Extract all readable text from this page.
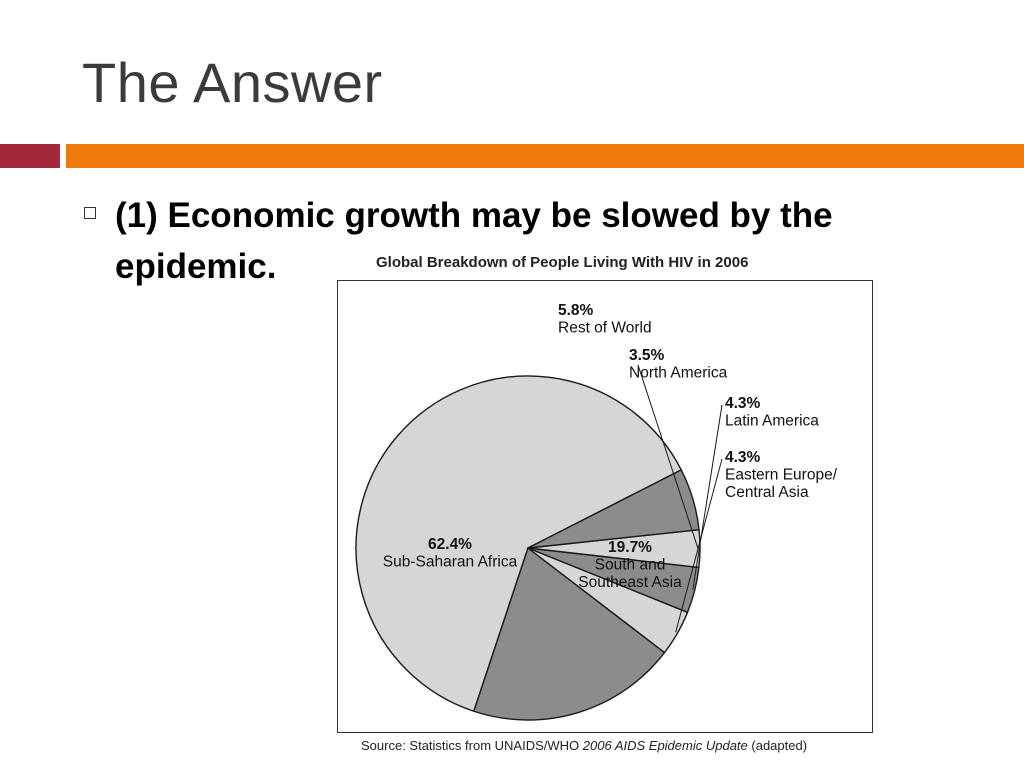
The Answer

(1) Economic growth may be slowed by the epidemic.	Global Breakdown of People Living With HIV in 2006
62.4% Sub-Saharan Africa
19.7% South and Southeast Asia
4.3% Eastern Europe/ Central Asia
4.3% Latin America
3.5% North America
5.8% Rest of World
Source: Statistics from UNAIDS/WHO 2006 AIDS Epidemic Update (adapted)
